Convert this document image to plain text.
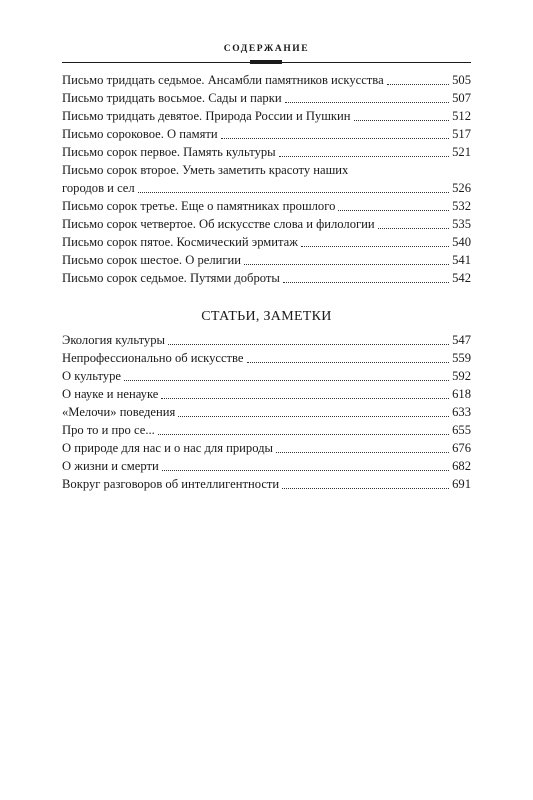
СОДЕРЖАНИЕ
Письмо тридцать седьмое. Ансамбли памятников искусства	505
Письмо тридцать восьмое. Сады и парки	507
Письмо тридцать девятое. Природа России и Пушкин	512
Письмо сороковое. О памяти	517
Письмо сорок первое. Память культуры	521
Письмо сорок второе. Уметь заметить красоту наших
городов и сел	526
Письмо сорок третье. Еще о памятниках прошлого	532
Письмо сорок четвертое. Об искусстве слова и филологии	535
Письмо сорок пятое. Космический эрмитаж	540
Письмо сорок шестое. О религии	541
Письмо сорок седьмое. Путями доброты	542
СТАТЬИ, ЗАМЕТКИ
Экология культуры	547
Непрофессионально об искусстве	559
О культуре	592
О науке и ненауке	618
«Мелочи» поведения	633
Про то и про се...	655
О природе для нас и о нас для природы	676
О жизни и смерти	682
Вокруг разговоров об интеллигентности	691
